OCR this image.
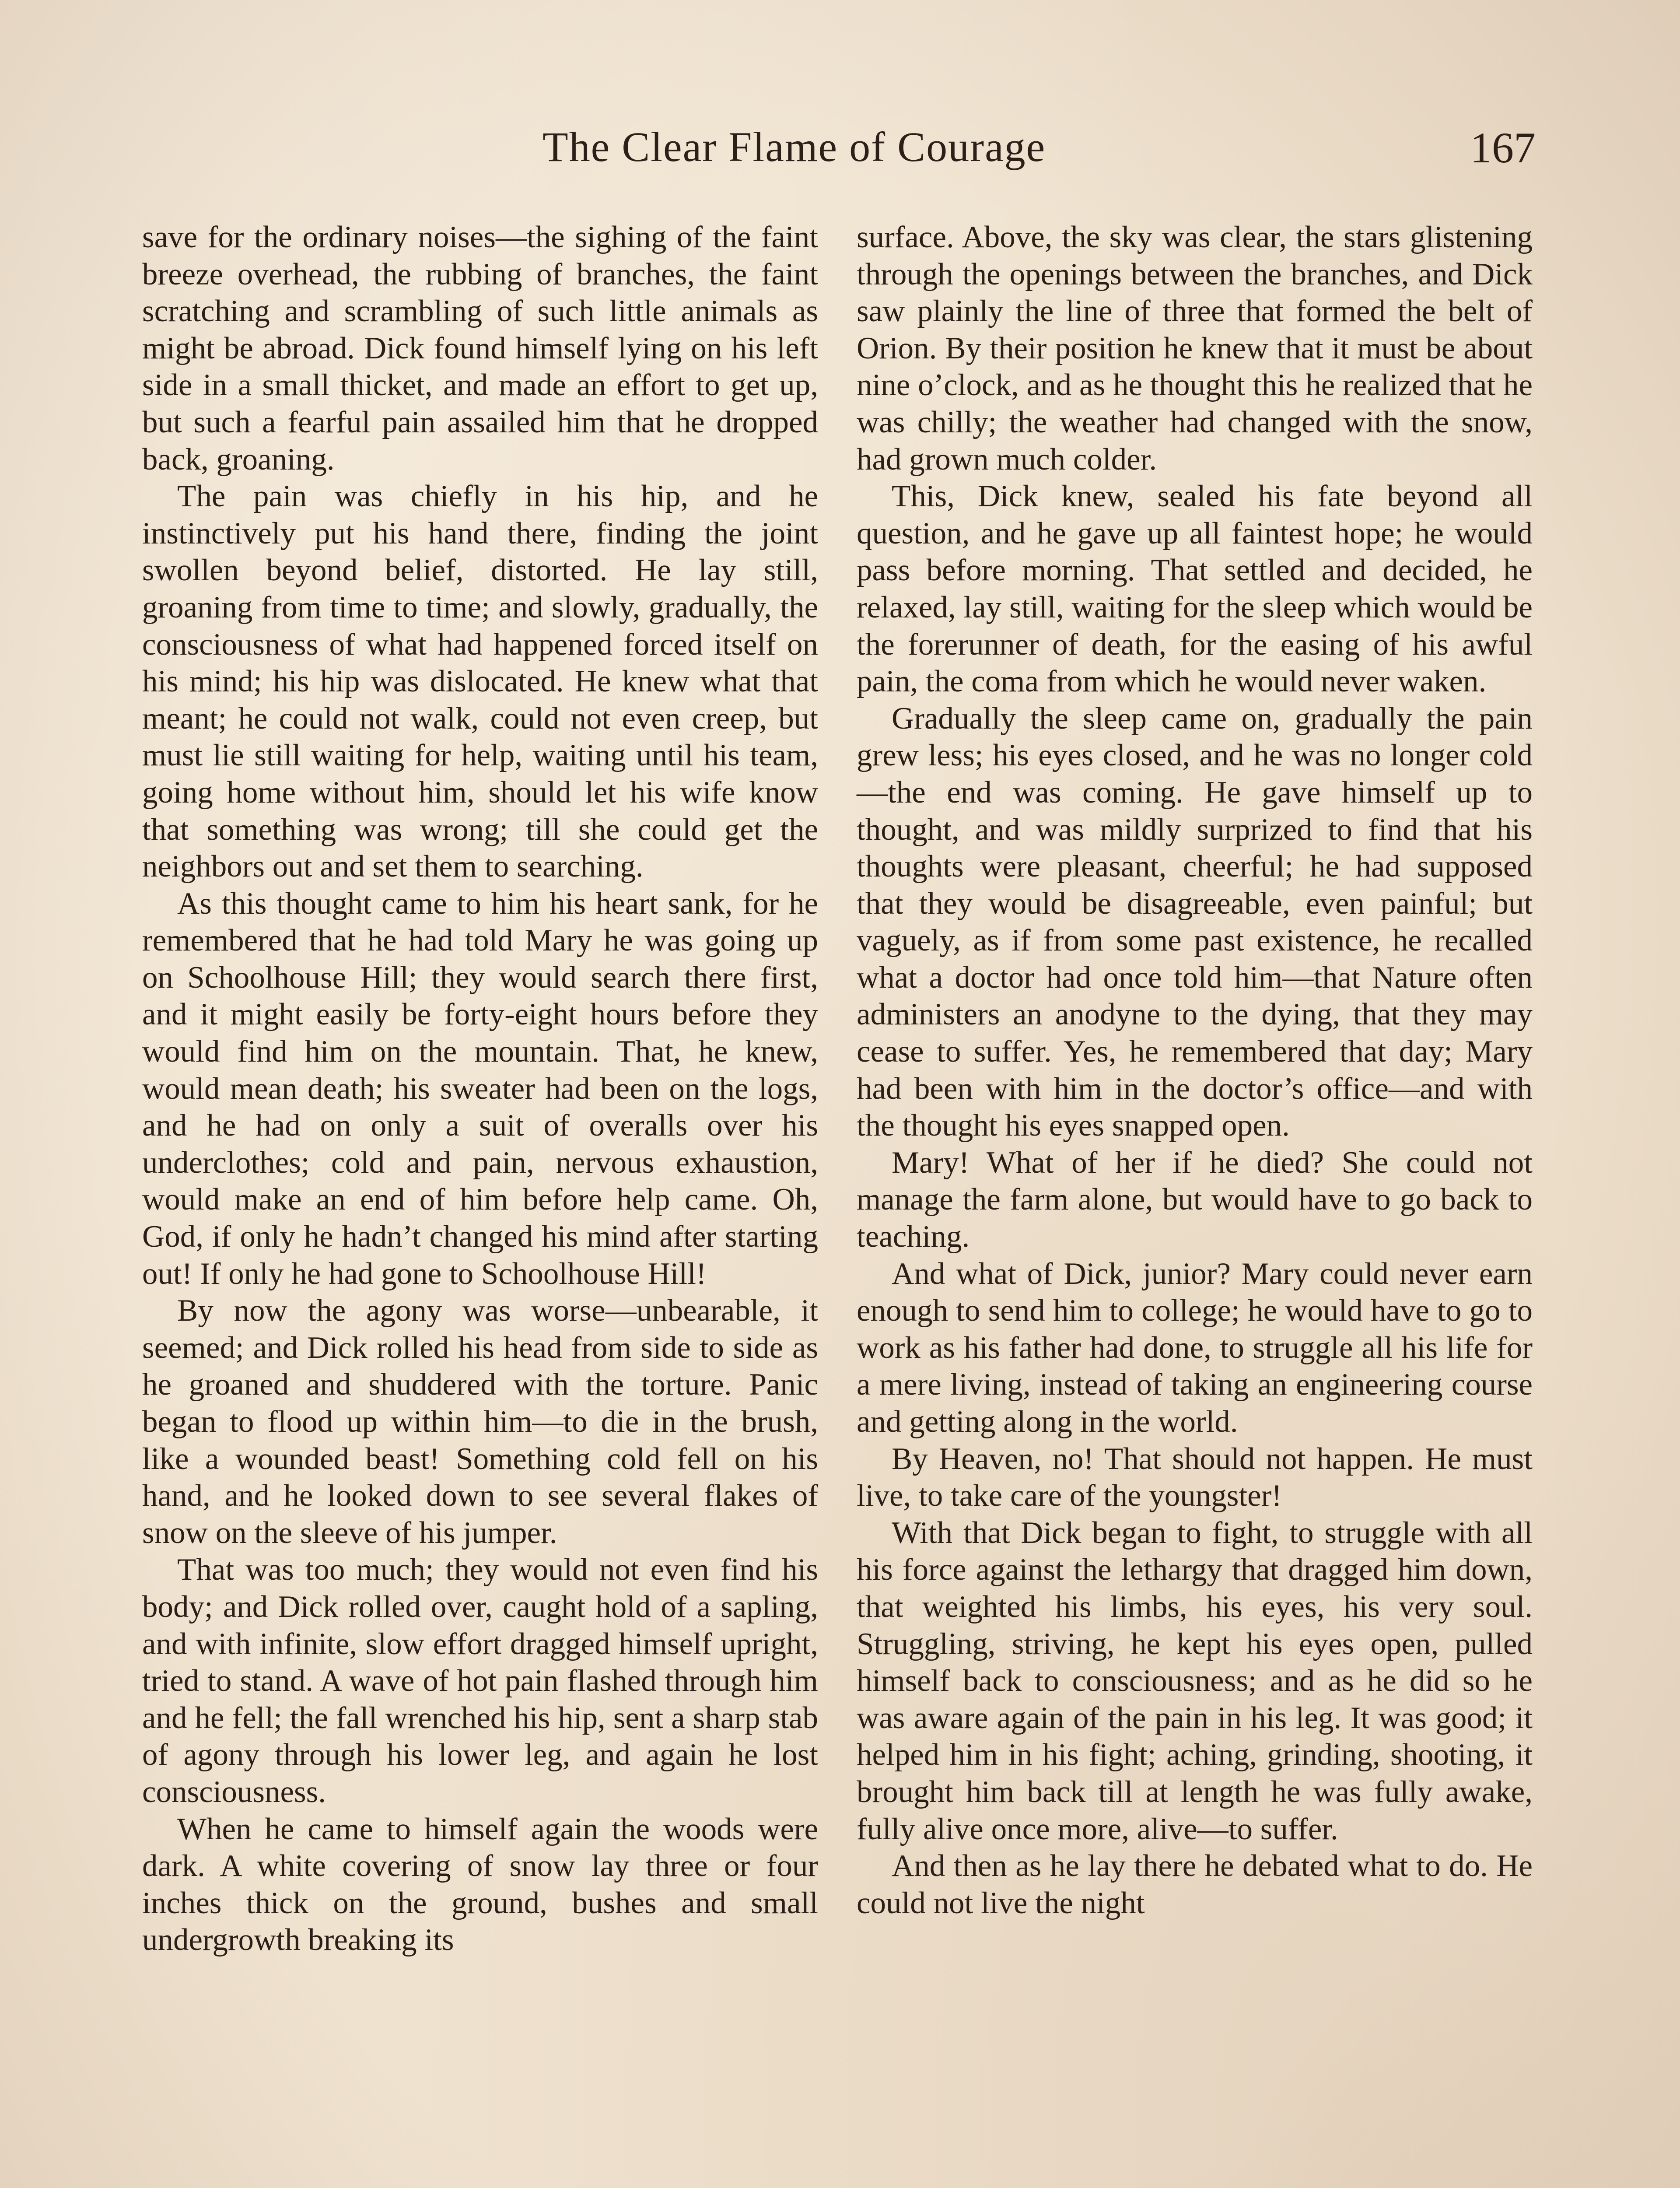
The Clear Flame of Courage	167

save for the ordinary noises—the sighing of the faint breeze overhead, the rubbing of branches, the faint scratching and scrambling of such little animals as might be abroad. Dick found himself lying on his left side in a small thicket, and made an effort to get up, but such a fearful pain assailed him that he dropped back, groaning.

The pain was chiefly in his hip, and he instinctively put his hand there, finding the joint swollen beyond belief, distorted. He lay still, groaning from time to time; and slowly, gradually, the consciousness of what had happened forced itself on his mind; his hip was dislocated. He knew what that meant; he could not walk, could not even creep, but must lie still waiting for help, waiting until his team, going home without him, should let his wife know that something was wrong; till she could get the neighbors out and set them to searching.

As this thought came to him his heart sank, for he remembered that he had told Mary he was going up on Schoolhouse Hill; they would search there first, and it might easily be forty-eight hours before they would find him on the mountain. That, he knew, would mean death; his sweater had been on the logs, and he had on only a suit of overalls over his underclothes; cold and pain, nervous exhaustion, would make an end of him before help came. Oh, God, if only he hadn’t changed his mind after starting out! If only he had gone to Schoolhouse Hill!

By now the agony was worse—unbearable, it seemed; and Dick rolled his head from side to side as he groaned and shuddered with the torture. Panic began to flood up within him—to die in the brush, like a wounded beast! Something cold fell on his hand, and he looked down to see several flakes of snow on the sleeve of his jumper.

That was too much; they would not even find his body; and Dick rolled over, caught hold of a sapling, and with infinite, slow effort dragged himself upright, tried to stand. A wave of hot pain flashed through him and he fell; the fall wrenched his hip, sent a sharp stab of agony through his lower leg, and again he lost consciousness.

When he came to himself again the woods were dark. A white covering of snow lay three or four inches thick on the ground, bushes and small undergrowth breaking its

surface. Above, the sky was clear, the stars glistening through the openings between the branches, and Dick saw plainly the line of three that formed the belt of Orion. By their position he knew that it must be about nine o’clock, and as he thought this he realized that he was chilly; the weather had changed with the snow, had grown much colder.

This, Dick knew, sealed his fate beyond all question, and he gave up all faintest hope; he would pass before morning. That settled and decided, he relaxed, lay still, waiting for the sleep which would be the forerunner of death, for the easing of his awful pain, the coma from which he would never waken.

Gradually the sleep came on, gradually the pain grew less; his eyes closed, and he was no longer cold—the end was coming. He gave himself up to thought, and was mildly surprized to find that his thoughts were pleasant, cheerful; he had supposed that they would be disagreeable, even painful; but vaguely, as if from some past existence, he recalled what a doctor had once told him—that Nature often administers an anodyne to the dying, that they may cease to suffer. Yes, he remembered that day; Mary had been with him in the doctor’s office—and with the thought his eyes snapped open.

Mary! What of her if he died? She could not manage the farm alone, but would have to go back to teaching.

And what of Dick, junior? Mary could never earn enough to send him to college; he would have to go to work as his father had done, to struggle all his life for a mere living, instead of taking an engineering course and getting along in the world.

By Heaven, no! That should not happen. He must live, to take care of the youngster!

With that Dick began to fight, to struggle with all his force against the lethargy that dragged him down, that weighted his limbs, his eyes, his very soul. Struggling, striving, he kept his eyes open, pulled himself back to consciousness; and as he did so he was aware again of the pain in his leg. It was good; it helped him in his fight; aching, grinding, shooting, it brought him back till at length he was fully awake, fully alive once more, alive—to suffer.

And then as he lay there he debated what to do. He could not live the night
